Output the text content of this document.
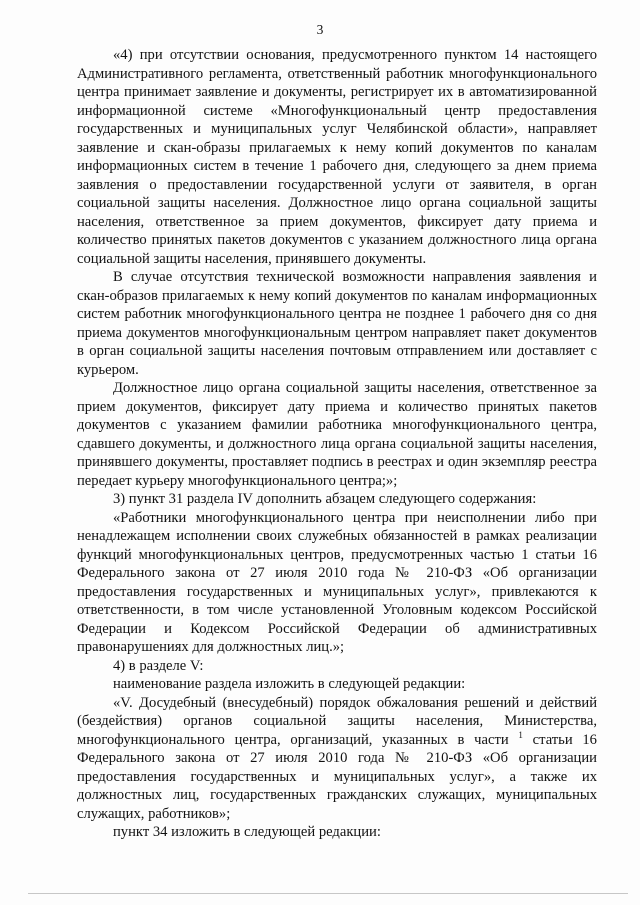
3

«4) при отсутствии основания, предусмотренного пунктом 14 настоящего Административного регламента, ответственный работник многофункционального центра принимает заявление и документы, регистрирует их в автоматизированной информационной системе «Многофункциональный центр предоставления государственных и муниципальных услуг Челябинской области», направляет заявление и скан-образы прилагаемых к нему копий документов по каналам информационных систем в течение 1 рабочего дня, следующего за днем приема заявления о предоставлении государственной услуги от заявителя, в орган социальной защиты населения. Должностное лицо органа социальной защиты населения, ответственное за прием документов, фиксирует дату приема и количество принятых пакетов документов с указанием должностного лица органа социальной защиты населения, принявшего документы.

В случае отсутствия технической возможности направления заявления и скан-образов прилагаемых к нему копий документов по каналам информационных систем работник многофункционального центра не позднее 1 рабочего дня со дня приема документов многофункциональным центром направляет пакет документов в орган социальной защиты населения почтовым отправлением или доставляет с курьером.

Должностное лицо органа социальной защиты населения, ответственное за прием документов, фиксирует дату приема и количество принятых пакетов документов с указанием фамилии работника многофункционального центра, сдавшего документы, и должностного лица органа социальной защиты населения, принявшего документы, проставляет подпись в реестрах и один экземпляр реестра передает курьеру многофункционального центра;»;

3) пункт 31 раздела IV дополнить абзацем следующего содержания:

«Работники многофункционального центра при неисполнении либо при ненадлежащем исполнении своих служебных обязанностей в рамках реализации функций многофункциональных центров, предусмотренных частью 1 статьи 16 Федерального закона от 27 июля 2010 года № 210-ФЗ «Об организации предоставления государственных и муниципальных услуг», привлекаются к ответственности, в том числе установленной Уголовным кодексом Российской Федерации и Кодексом Российской Федерации об административных правонарушениях для должностных лиц.»;

4) в разделе V:

наименование раздела изложить в следующей редакции:

«V. Досудебный (внесудебный) порядок обжалования решений и действий (бездействия) органов социальной защиты населения, Министерства, многофункционального центра, организаций, указанных в части $^1$ статьи 16 Федерального закона от 27 июля 2010 года № 210-ФЗ «Об организации предоставления государственных и муниципальных услуг», а также их должностных лиц, государственных гражданских служащих, муниципальных служащих, работников»;

пункт 34 изложить в следующей редакции:
